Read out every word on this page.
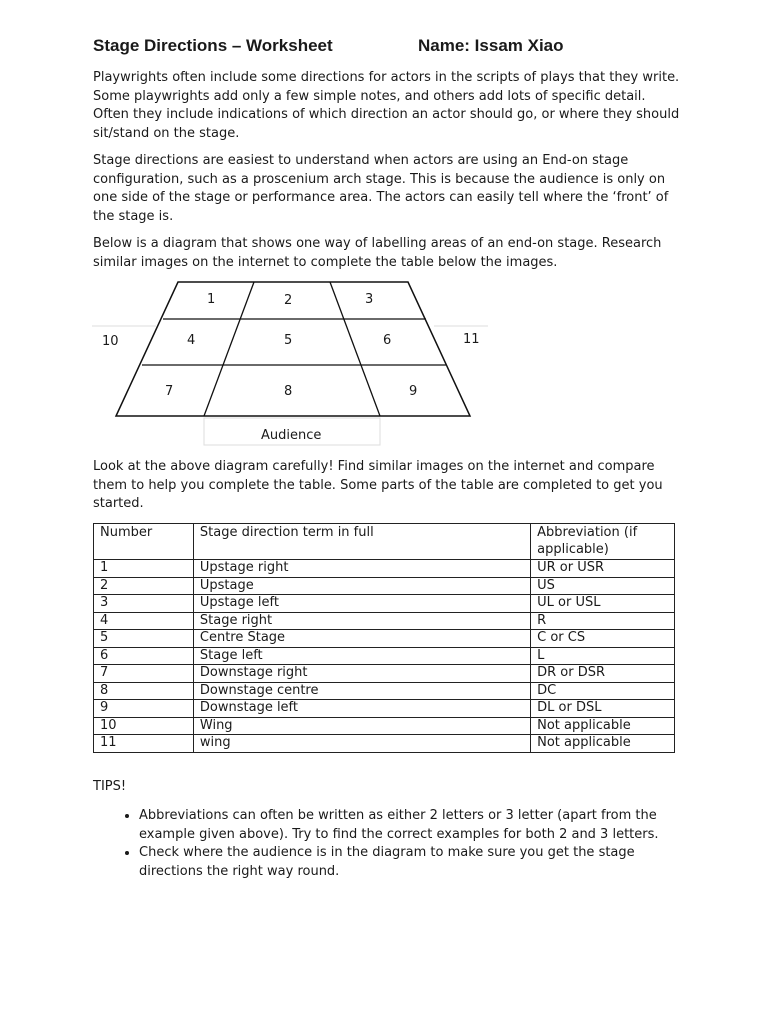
Stage Directions – Worksheet	Name: Issam Xiao

Playwrights often include some directions for actors in the scripts of plays that they write. Some playwrights add only a few simple notes, and others add lots of specific detail. Often they include indications of which direction an actor should go, or where they should sit/stand on the stage.

Stage directions are easiest to understand when actors are using an End-on stage configuration, such as a proscenium arch stage. This is because the audience is only on one side of the stage or performance area. The actors can easily tell where the ‘front’ of the stage is.

Below is a diagram that shows one way of labelling areas of an end-on stage. Research similar images on the internet to complete the table below the images.

1	2	3
4	5	6
7	8	9
10	11
Audience

Look at the above diagram carefully! Find similar images on the internet and compare them to help you complete the table. Some parts of the table are completed to get you started.

Number	Stage direction term in full	Abbreviation (if applicable)
1	Upstage right	UR or USR
2	Upstage	US
3	Upstage left	UL or USL
4	Stage right	R
5	Centre Stage	C or CS
6	Stage left	L
7	Downstage right	DR or DSR
8	Downstage centre	DC
9	Downstage left	DL or DSL
10	Wing	Not applicable
11	wing	Not applicable
TIPS!
• Abbreviations can often be written as either 2 letters or 3 letter (apart from the example given above). Try to find the correct examples for both 2 and 3 letters.
• Check where the audience is in the diagram to make sure you get the stage directions the right way round.
